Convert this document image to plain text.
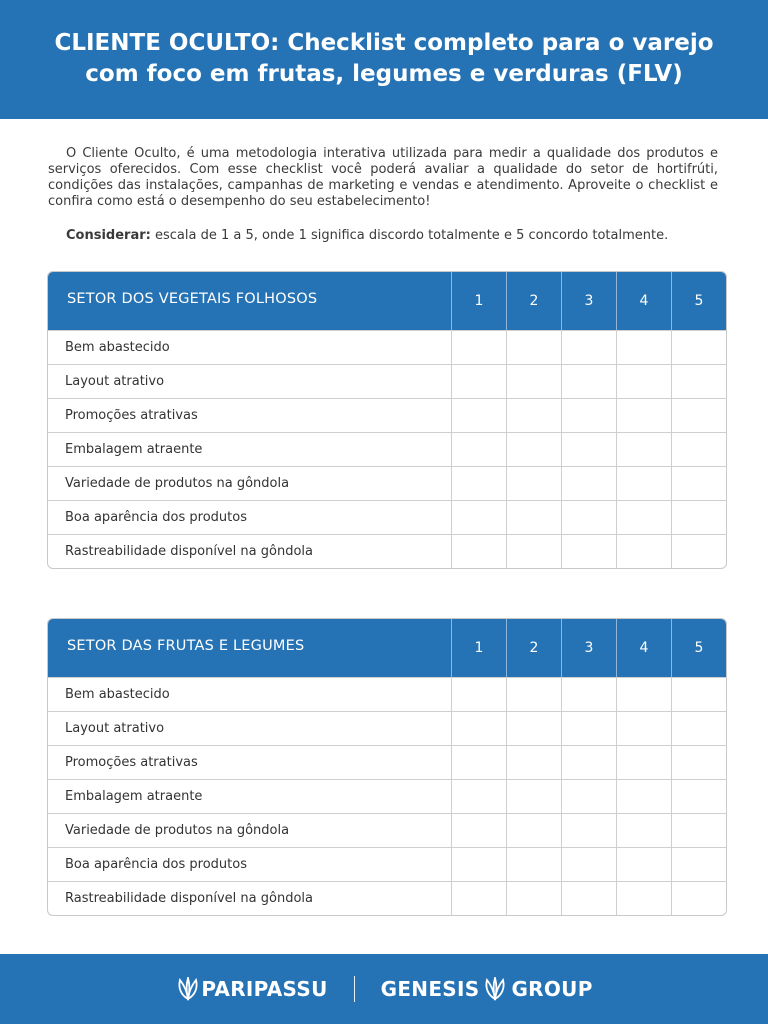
CLIENTE OCULTO: Checklist completo para o varejo
com foco em frutas, legumes e verduras (FLV)

O Cliente Oculto, é uma metodologia interativa utilizada para medir a qualidade dos produtos e serviços oferecidos. Com esse checklist você poderá avaliar a qualidade do setor de hortifrúti, condições das instalações, campanhas de marketing e vendas e atendimento. Aproveite o checklist e confira como está o desempenho do seu estabelecimento!

Considerar: escala de 1 a 5, onde 1 significa discordo totalmente e 5 concordo totalmente.

SETOR DOS VEGETAIS FOLHOSOS	1	2	3	4	5
Bem abastecido
Layout atrativo
Promoções atrativas
Embalagem atraente
Variedade de produtos na gôndola
Boa aparência dos produtos
Rastreabilidade disponível na gôndola
SETOR DAS FRUTAS E LEGUMES	1	2	3	4	5
Bem abastecido
Layout atrativo
Promoções atrativas
Embalagem atraente
Variedade de produtos na gôndola
Boa aparência dos produtos
Rastreabilidade disponível na gôndola
PARIPASSU	GENESIS GROUP
